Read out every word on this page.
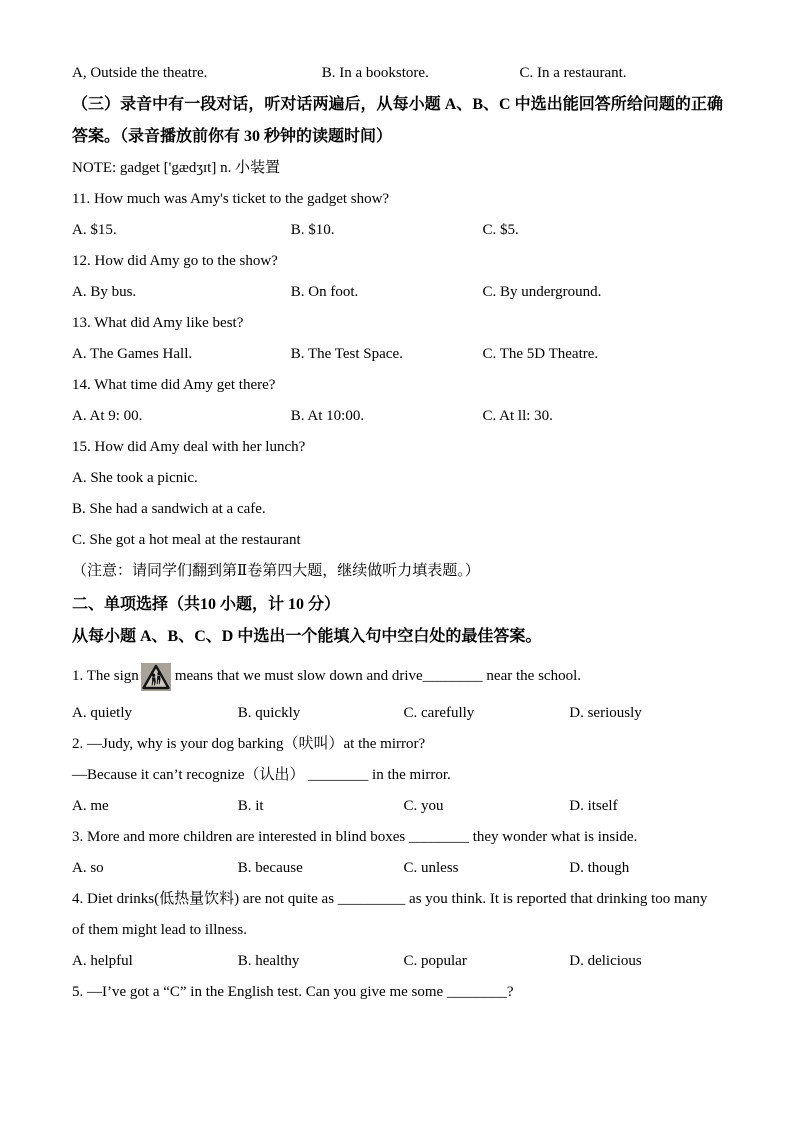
A, Outside the theatre.	B. In a bookstore.	C. In a restaurant.

（三）录音中有一段对话，听对话两遍后，从每小题 A、B、C 中选出能回答所给问题的正确答案。（录音播放前你有 30 秒钟的读题时间）

NOTE: gadget ['gædʒɪt] n. 小装置

11. How much was Amy's ticket to the gadget show?

A. $15.	B. $10.	C. $5.

12. How did Amy go to the show?

A. By bus.	B. On foot.	C. By underground.

13. What did Amy like best?

A. The Games Hall.	B. The Test Space.	C. The 5D Theatre.

14. What time did Amy get there?

A. At 9: 00.	B. At 10:00.	C. At ll: 30.

15. How did Amy deal with her lunch?

A. She took a picnic.

B. She had a sandwich at a cafe.

C. She got a hot meal at the restaurant

（注意：请同学们翻到第Ⅱ卷第四大题，继续做听力填表题。）

二、单项选择（共10 小题，计 10 分）

从每小题 A、B、C、D 中选出一个能填入句中空白处的最佳答案。

1. The sign means that we must slow down and drive________ near the school.

A. quietly	B. quickly	C. carefully	D. seriously

2. —Judy, why is your dog barking（吠叫）at the mirror?

—Because it can’t recognize（认出） ________ in the mirror.

A. me	B. it	C. you	D. itself

3. More and more children are interested in blind boxes ________ they wonder what is inside.

A. so	B. because	C. unless	D. though

4. Diet drinks(低热量饮料) are not quite as _________ as you think. It is reported that drinking too many of them might lead to illness.

A. helpful	B. healthy	C. popular	D. delicious

5. —I’ve got a “C” in the English test. Can you give me some ________?
